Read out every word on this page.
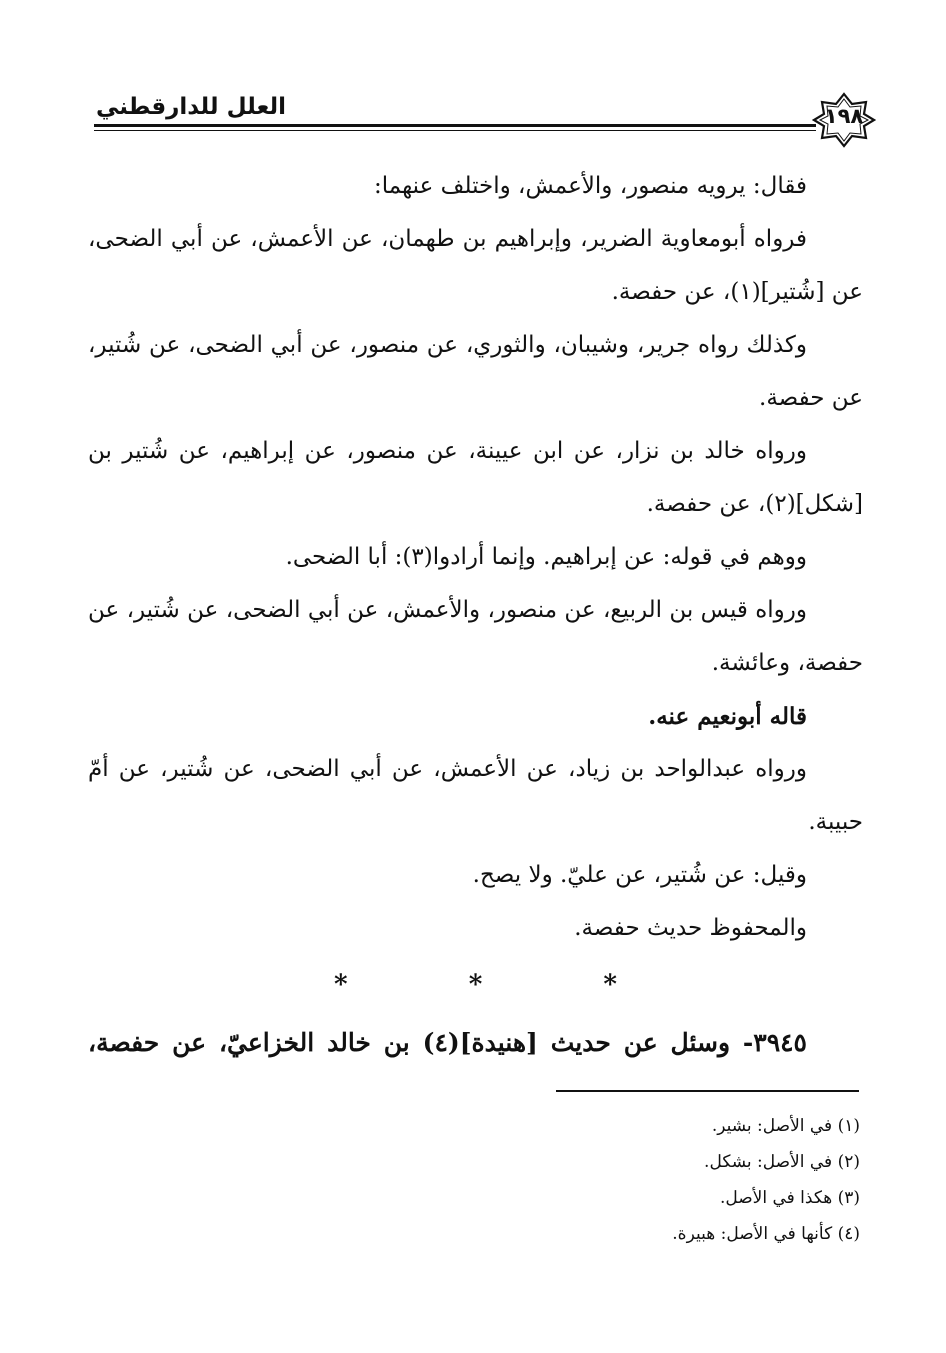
١٩٨
العلل للدارقطني

فقال: يرويه منصور، والأعمش، واختلف عنهما:

فرواه أبومعاوية الضرير، وإبراهيم بن طهمان، عن الأعمش، عن أبي الضحى، عن [شُتير](١)، عن حفصة.

وكذلك رواه جرير، وشيبان، والثوري، عن منصور، عن أبي الضحى، عن شُتير، عن حفصة.

ورواه خالد بن نزار، عن ابن عيينة، عن منصور، عن إبراهيم، عن شُتير بن [شكل](٢)، عن حفصة.

ووهم في قوله: عن إبراهيم. وإنما أرادوا(٣): أبا الضحى.

ورواه قيس بن الربيع، عن منصور، والأعمش، عن أبي الضحى، عن شُتير، عن حفصة، وعائشة.

قاله أبونعيم عنه.

ورواه عبدالواحد بن زياد، عن الأعمش، عن أبي الضحى، عن شُتير، عن أمّ حبيبة.

وقيل: عن شُتير، عن عليّ. ولا يصح.

والمحفوظ حديث حفصة.

* * *

٣٩٤٥- وسئل عن حديث [هنيدة](٤) بن خالد الخزاعيّ، عن حفصة،

(١) في الأصل: بشير.

(٢) في الأصل: بشكل.

(٣) هكذا في الأصل.

(٤) كأنها في الأصل: هبيرة.
